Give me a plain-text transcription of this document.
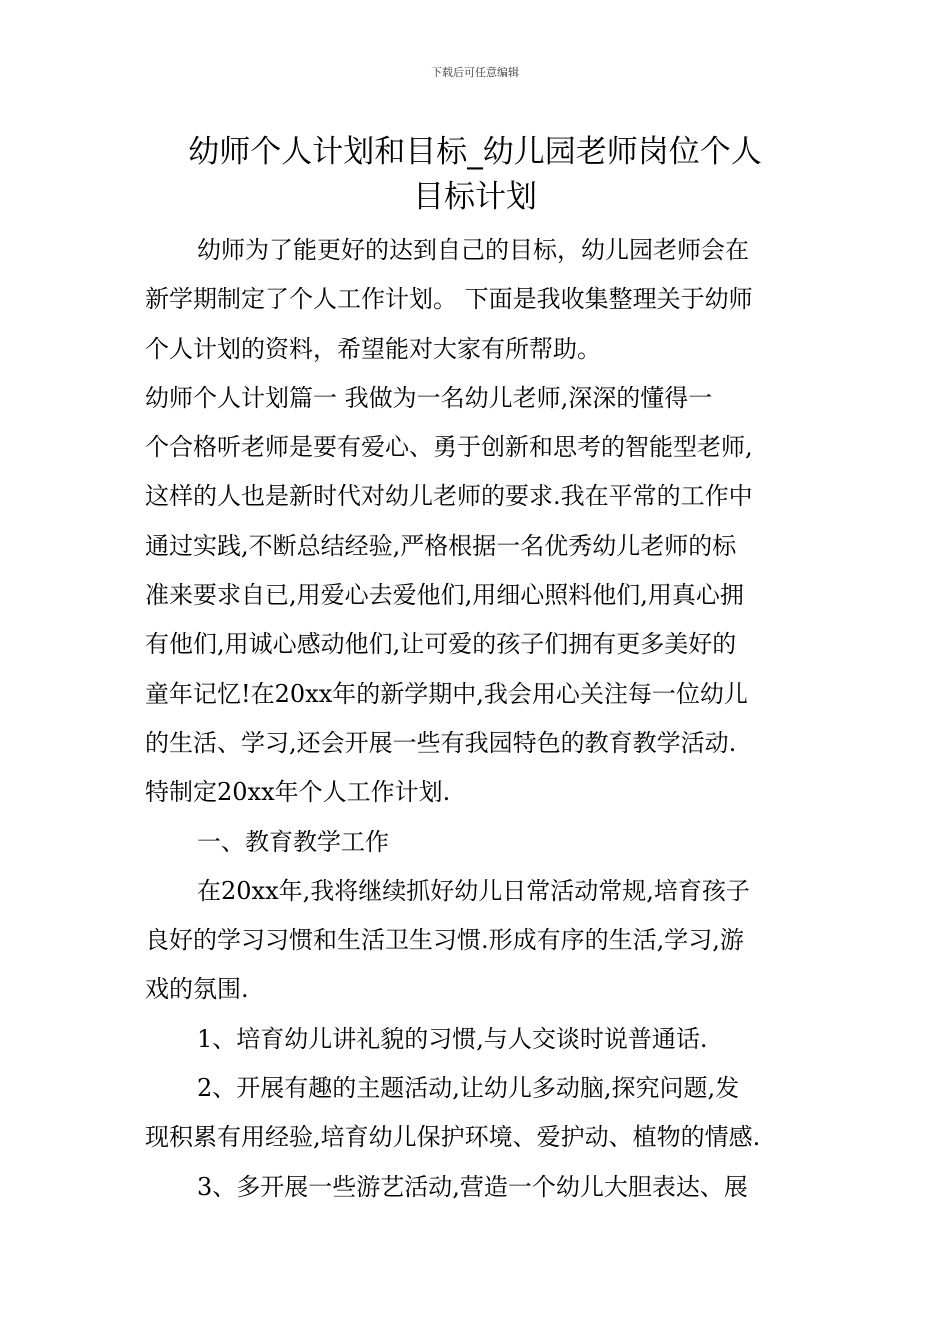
下载后可任意编辑
幼师个人计划和目标_幼儿园老师岗位个人
目标计划

幼师为了能更好的达到自己的目标，幼儿园老师会在
新学期制定了个人工作计划。 下面是我收集整理关于幼师
个人计划的资料，希望能对大家有所帮助。

幼师个人计划篇一 我做为一名幼儿老师,深深的懂得一
个合格听老师是要有爱心、勇于创新和思考的智能型老师,
这样的人也是新时代对幼儿老师的要求.我在平常的工作中
通过实践,不断总结经验,严格根据一名优秀幼儿老师的标
准来要求自已,用爱心去爱他们,用细心照料他们,用真心拥
有他们,用诚心感动他们,让可爱的孩子们拥有更多美好的
童年记忆!在20xx年的新学期中,我会用心关注每一位幼儿
的生活、学习,还会开展一些有我园特色的教育教学活动.
特制定20xx年个人工作计划.

一、教育教学工作

在20xx年,我将继续抓好幼儿日常活动常规,培育孩子
良好的学习习惯和生活卫生习惯.形成有序的生活,学习,游
戏的氛围.

1、培育幼儿讲礼貌的习惯,与人交谈时说普通话.

2、开展有趣的主题活动,让幼儿多动脑,探究问题,发
现积累有用经验,培育幼儿保护环境、爱护动、植物的情感.

3、多开展一些游艺活动,营造一个幼儿大胆表达、展
